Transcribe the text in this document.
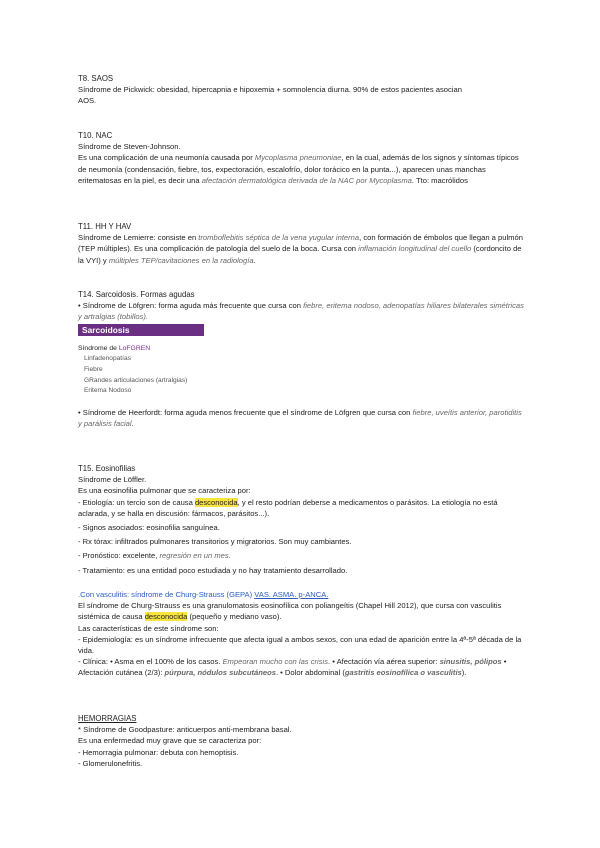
T8. SAOS

Síndrome de Pickwick: obesidad, hipercapnia e hipoxemia + somnolencia diurna. 90% de estos pacientes asocian

AOS.

T10. NAC

Síndrome de Steven-Johnson.

Es una complicación de una neumonía causada por Mycoplasma pneumoniae, en la cual, además de los signos y síntomas típicos de neumonía (condensación, fiebre, tos, expectoración, escalofrío, dolor torácico en la punta...), aparecen unas manchas eritematosas en la piel, es decir una afectación dermatológica derivada de la NAC por Mycoplasma. Tto: macrólidos

T11. HH Y HAV

Síndrome de Lemierre: consiste en tromboflebitis séptica de la vena yugular interna, con formación de émbolos que llegan a pulmón (TEP múltiples). Es una complicación de patología del suelo de la boca. Cursa con inflamación longitudinal del cuello (cordoncito de la VYI) y múltiples TEP/cavitaciones en la radiología.

T14. Sarcoidosis. Formas agudas

• Síndrome de Löfgren: forma aguda más frecuente que cursa con fiebre, eritema nodoso, adenopatías hiliares bilaterales simétricas y artralgias (tobillos).

Sarcoidosis
Síndrome de LoFGREN
Linfadenopatías
Fiebre
GRandes articulaciones (artralgias)
Eritema Nodoso

• Síndrome de Heerfordt: forma aguda menos frecuente que el síndrome de Löfgren que cursa con fiebre, uveítis anterior, parotiditis y parálisis facial.

T15. Eosinofilias

Síndrome de Löffler.

Es una eosinofilia pulmonar que se caracteriza por:

- Etiología: un tercio son de causa desconocida, y el resto podrían deberse a medicamentos o parásitos. La etiología no está aclarada, y se halla en discusión: fármacos, parásitos...).

- Signos asociados: eosinofilia sanguínea.

- Rx tórax: infiltrados pulmonares transitorios y migratorios. Son muy cambiantes.

- Pronóstico: excelente, regresión en un mes.

- Tratamiento: es una entidad poco estudiada y no hay tratamiento desarrollado.

.Con vasculitis: síndrome de Churg-Strauss (GEPA) VAS. ASMA. p-ANCA.

El síndrome de Churg-Strauss es una granulomatosis eosinofílica con poliangeítis (Chapel Hill 2012), que cursa con vasculitis sistémica de causa desconocida (pequeño y mediano vaso).

Las características de este síndrome son:

- Epidemiología: es un síndrome infrecuente que afecta igual a ambos sexos, con una edad de aparición entre la 4ª-5ª década de la vida.

- Clínica: • Asma en el 100% de los casos. Empeoran mucho con las crisis. • Afectación vía aérea superior: sinusitis, pólipos • Afectación cutánea (2/3): púrpura, nódulos subcutáneos. • Dolor abdominal (gastritis eosinofílica o vasculitis).

HEMORRAGIAS

* Síndrome de Goodpasture: anticuerpos anti-membrana basal.

Es una enfermedad muy grave que se caracteriza por:

- Hemorragia pulmonar: debuta con hemoptisis.

- Glomerulonefritis.
